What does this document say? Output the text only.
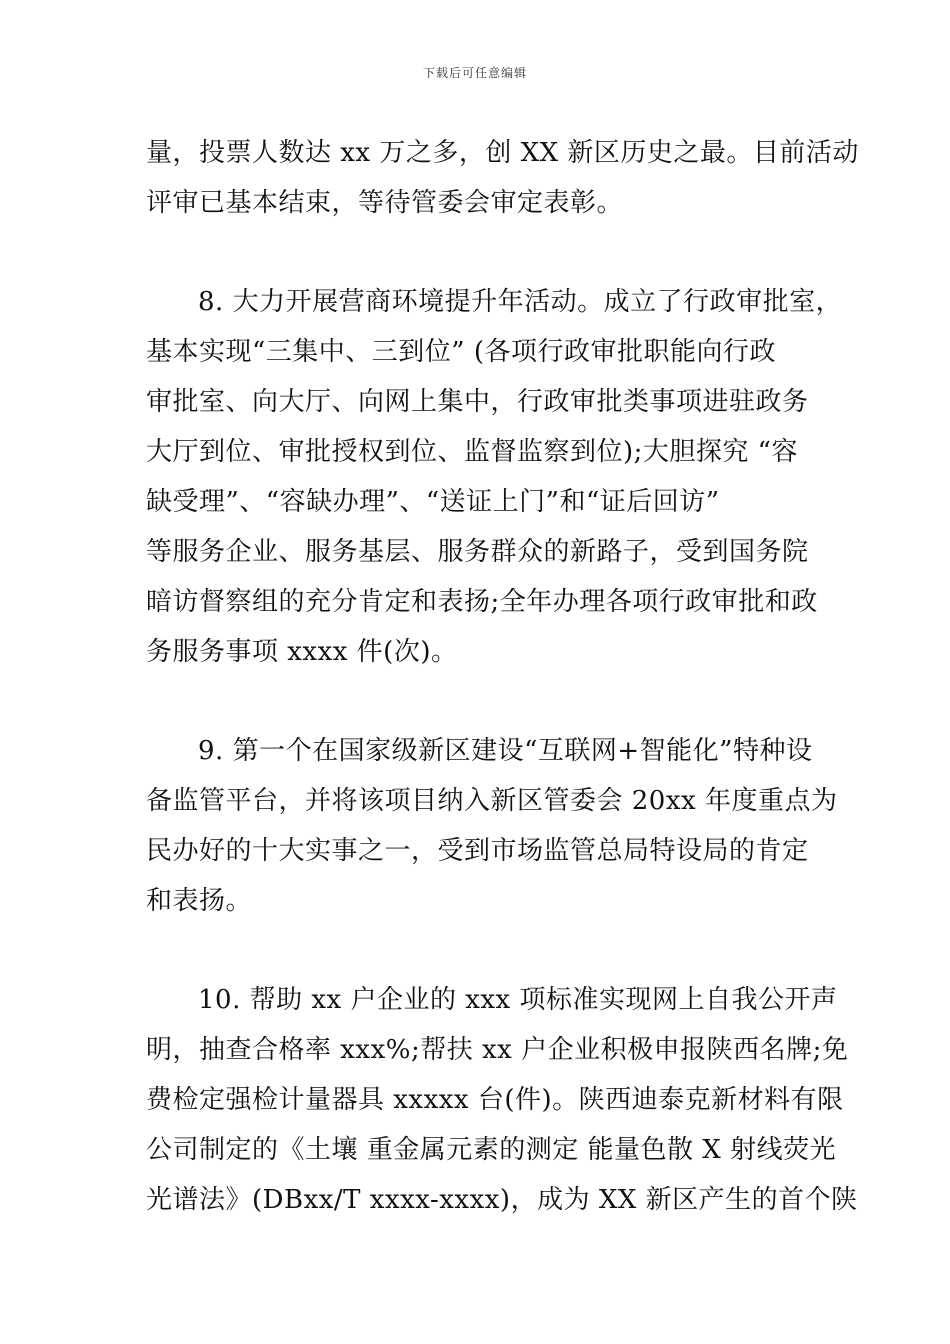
下载后可任意编辑
量，投票人数达 xx 万之多，创 XX 新区历史之最。目前活动
评审已基本结束，等待管委会审定表彰。
8. 大力开展营商环境提升年活动。成立了行政审批室，
基本实现“三集中、三到位” (各项行政审批职能向行政
审批室、向大厅、向网上集中，行政审批类事项进驻政务
大厅到位、审批授权到位、监督监察到位);大胆探究 “容
缺受理”、“容缺办理”、“送证上门”和“证后回访”
等服务企业、服务基层、服务群众的新路子，受到国务院
暗访督察组的充分肯定和表扬;全年办理各项行政审批和政
务服务事项 xxxx 件(次)。
9. 第一个在国家级新区建设“互联网+智能化”特种设
备监管平台，并将该项目纳入新区管委会 20xx 年度重点为
民办好的十大实事之一，受到市场监管总局特设局的肯定
和表扬。
10. 帮助 xx 户企业的 xxx 项标准实现网上自我公开声
明，抽查合格率 xxx%;帮扶 xx 户企业积极申报陕西名牌;免
费检定强检计量器具 xxxxx 台(件)。陕西迪泰克新材料有限
公司制定的《土壤 重金属元素的测定 能量色散 X 射线荧光
光谱法》(DBxx/T xxxx-xxxx)，成为 XX 新区产生的首个陕
